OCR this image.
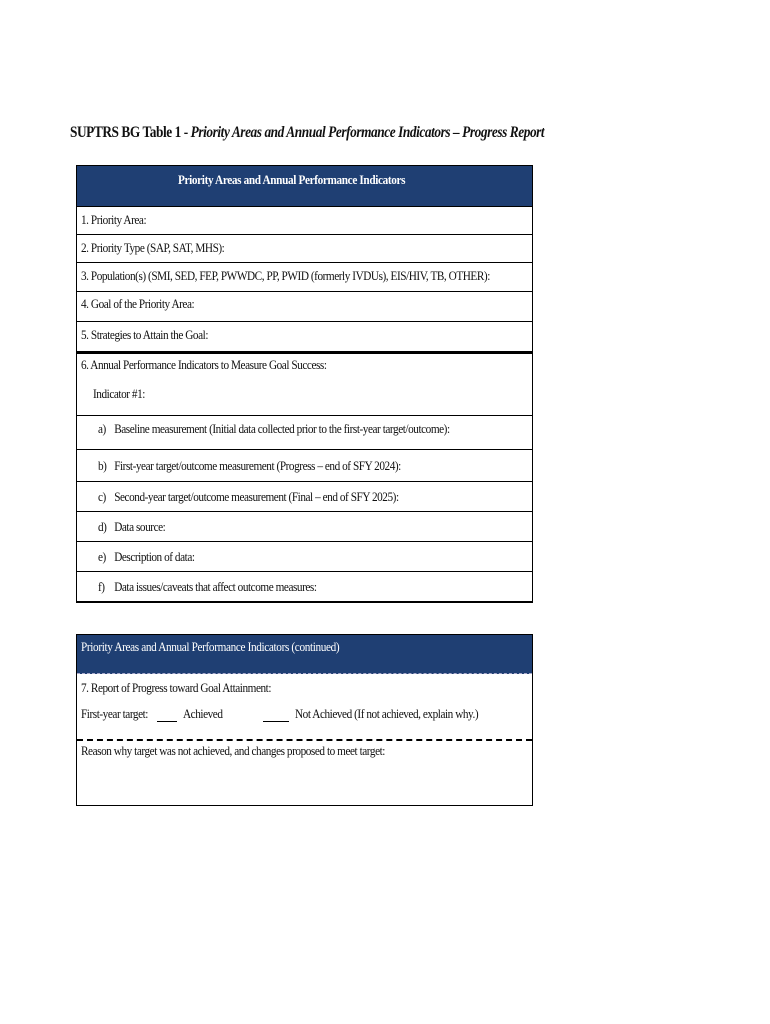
SUPTRS BG Table 1 - Priority Areas and Annual Performance Indicators – Progress Report
Priority Areas and Annual Performance Indicators
1. Priority Area:
2. Priority Type (SAP, SAT, MHS):
3. Population(s) (SMI, SED, FEP, PWWDC, PP, PWID (formerly IVDUs), EIS/HIV, TB, OTHER):
4. Goal of the Priority Area:
5. Strategies to Attain the Goal:
6. Annual Performance Indicators to Measure Goal Success:
Indicator #1:
a) Baseline measurement (Initial data collected prior to the first-year target/outcome):
b) First-year target/outcome measurement (Progress – end of SFY 2024):
c) Second-year target/outcome measurement (Final – end of SFY 2025):
d) Data source:
e) Description of data:
f) Data issues/caveats that affect outcome measures:
Priority Areas and Annual Performance Indicators (continued)
7. Report of Progress toward Goal Attainment:
First-year target:	Achieved	Not Achieved (If not achieved, explain why.)
Reason why target was not achieved, and changes proposed to meet target:
